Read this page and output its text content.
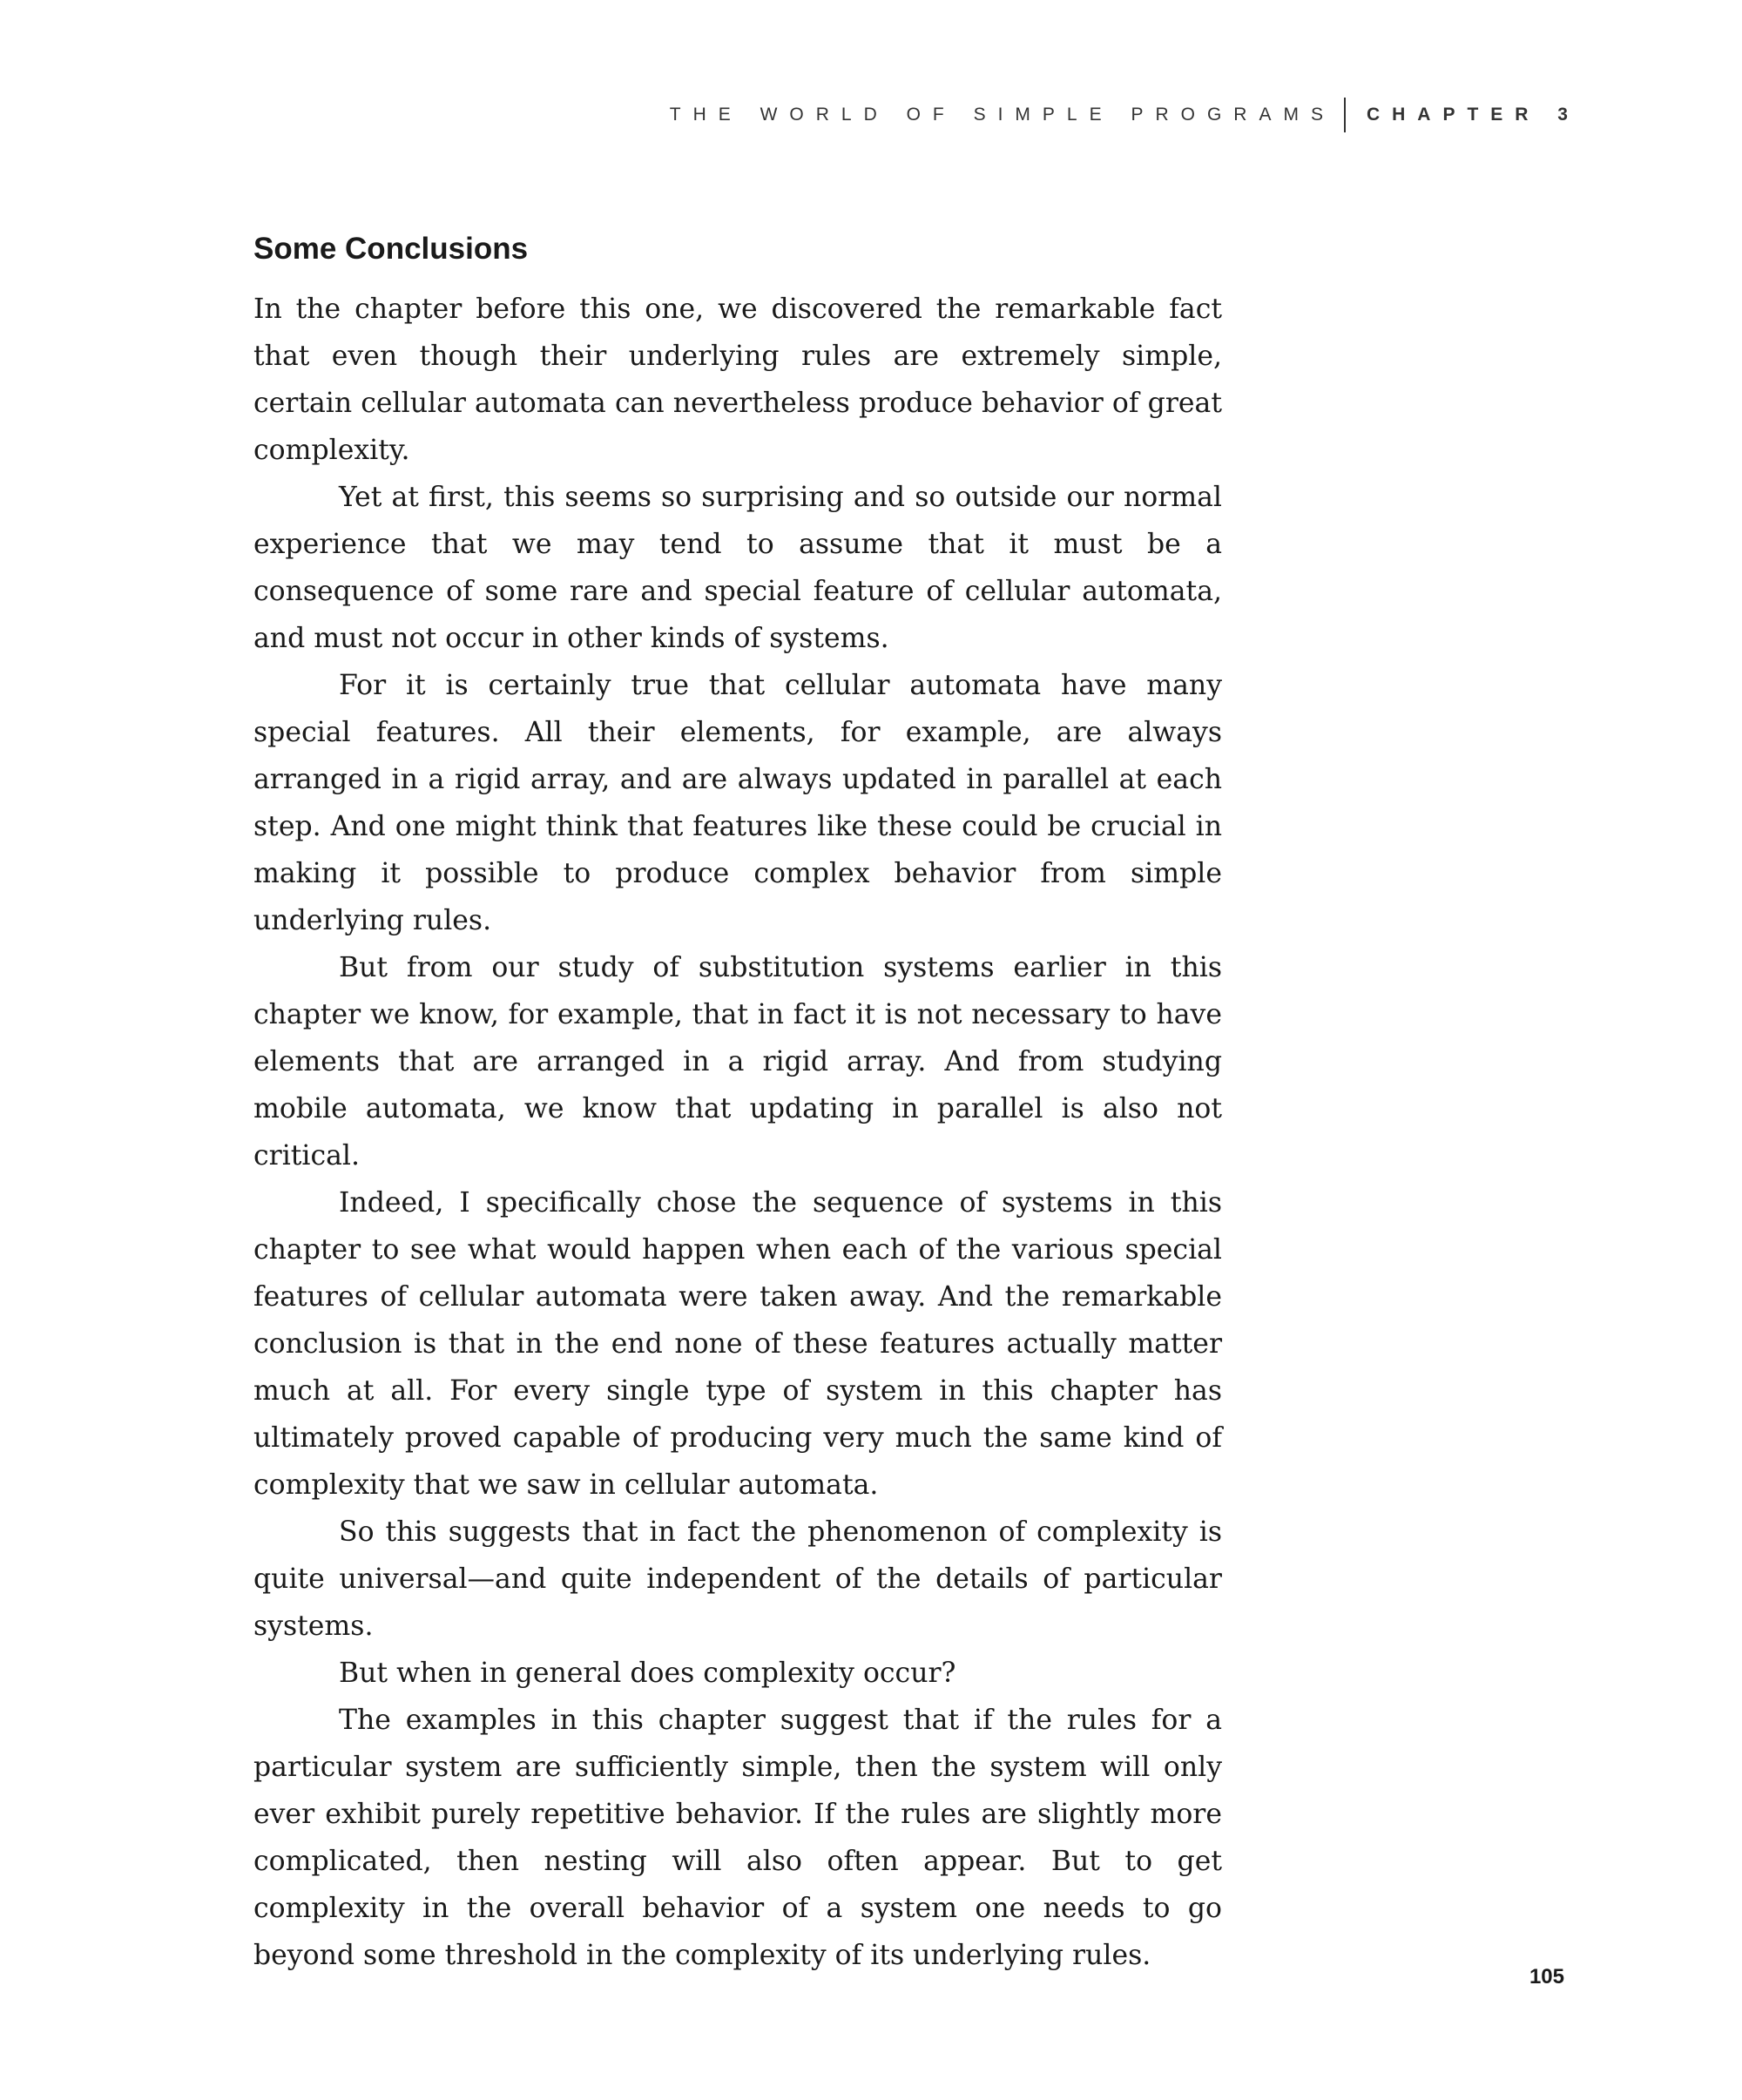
THE WORLD OF SIMPLE PROGRAMS CHAPTER 3
Some Conclusions

In the chapter before this one, we discovered the remarkable fact that even though their underlying rules are extremely simple, certain cellular automata can nevertheless produce behavior of great complexity.

Yet at first, this seems so surprising and so outside our normal experience that we may tend to assume that it must be a consequence of some rare and special feature of cellular automata, and must not occur in other kinds of systems.

For it is certainly true that cellular automata have many special features. All their elements, for example, are always arranged in a rigid array, and are always updated in parallel at each step. And one might think that features like these could be crucial in making it possible to produce complex behavior from simple underlying rules.

But from our study of substitution systems earlier in this chapter we know, for example, that in fact it is not necessary to have elements that are arranged in a rigid array. And from studying mobile automata, we know that updating in parallel is also not critical.

Indeed, I specifically chose the sequence of systems in this chapter to see what would happen when each of the various special features of cellular automata were taken away. And the remarkable conclusion is that in the end none of these features actually matter much at all. For every single type of system in this chapter has ultimately proved capable of producing very much the same kind of complexity that we saw in cellular automata.

So this suggests that in fact the phenomenon of complexity is quite universal—and quite independent of the details of particular systems.

But when in general does complexity occur?

The examples in this chapter suggest that if the rules for a particular system are sufficiently simple, then the system will only ever exhibit purely repetitive behavior. If the rules are slightly more complicated, then nesting will also often appear. But to get complexity in the overall behavior of a system one needs to go beyond some threshold in the complexity of its underlying rules.

105
